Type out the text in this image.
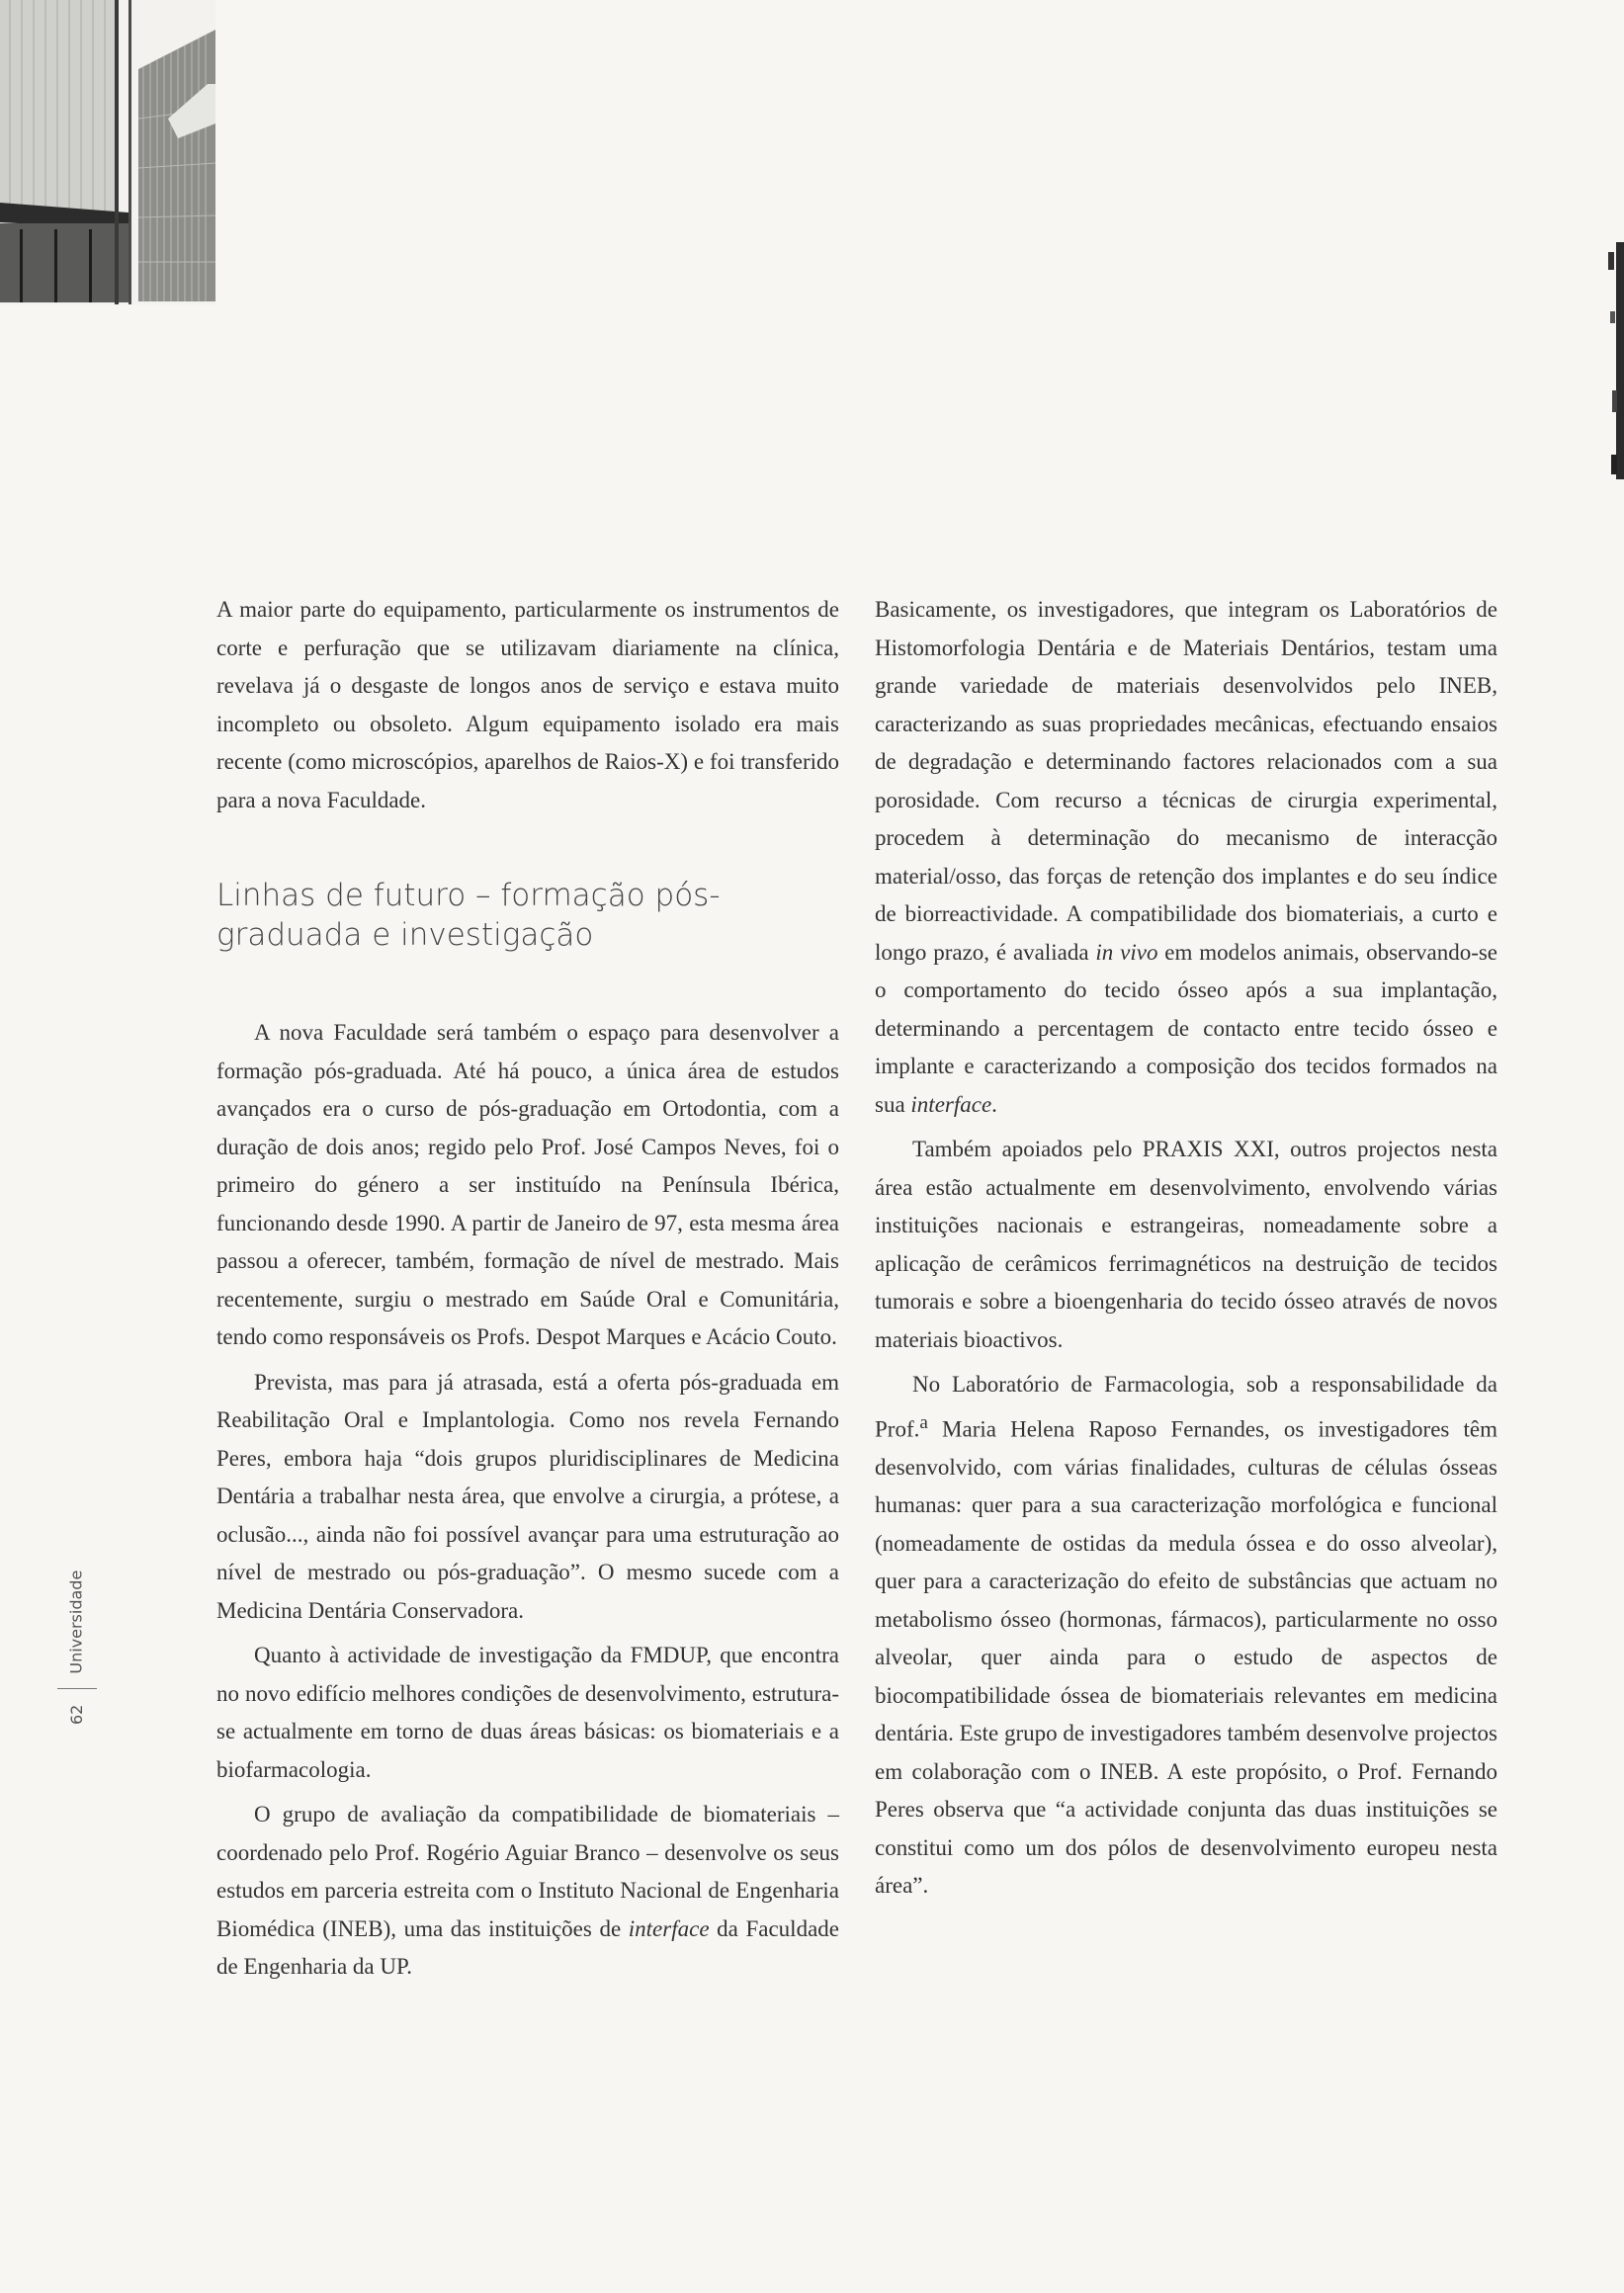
62Universidade

A maior parte do equipamento, particularmente os instrumentos de corte e perfuração que se utilizavam diariamente na clínica, revelava já o desgaste de longos anos de serviço e estava muito incompleto ou obsoleto. Algum equipamento isolado era mais recente (como microscópios, aparelhos de Raios-X) e foi transferido para a nova Faculdade.

Linhas de futuro – formação pós-graduada e investigação

A nova Faculdade será também o espaço para desenvolver a formação pós-graduada. Até há pouco, a única área de estudos avançados era o curso de pós-graduação em Ortodontia, com a duração de dois anos; regido pelo Prof. José Campos Neves, foi o primeiro do género a ser instituído na Península Ibérica, funcionando desde 1990. A partir de Janeiro de 97, esta mesma área passou a oferecer, também, formação de nível de mestrado. Mais recentemente, surgiu o mestrado em Saúde Oral e Comunitária, tendo como responsáveis os Profs. Despot Marques e Acácio Couto.

Prevista, mas para já atrasada, está a oferta pós-graduada em Reabilitação Oral e Implantologia. Como nos revela Fernando Peres, embora haja “dois grupos pluridisciplinares de Medicina Dentária a trabalhar nesta área, que envolve a cirurgia, a prótese, a oclusão..., ainda não foi possível avançar para uma estruturação ao nível de mestrado ou pós-graduação”. O mesmo sucede com a Medicina Dentária Conservadora.

Quanto à actividade de investigação da FMDUP, que encontra no novo edifício melhores condições de desenvolvimento, estrutura-se actualmente em torno de duas áreas básicas: os biomateriais e a biofarmacologia.

O grupo de avaliação da compatibilidade de biomateriais – coordenado pelo Prof. Rogério Aguiar Branco – desenvolve os seus estudos em parceria estreita com o Instituto Nacional de Engenharia Biomédica (INEB), uma das instituições de interface da Faculdade de Engenharia da UP.

Basicamente, os investigadores, que integram os Laboratórios de Histomorfologia Dentária e de Materiais Dentários, testam uma grande variedade de materiais desenvolvidos pelo INEB, caracterizando as suas propriedades mecânicas, efectuando ensaios de degradação e determinando factores relacionados com a sua porosidade. Com recurso a técnicas de cirurgia experimental, procedem à determinação do mecanismo de interacção material/osso, das forças de retenção dos implantes e do seu índice de biorreactividade. A compatibilidade dos biomateriais, a curto e longo prazo, é avaliada in vivo em modelos animais, observando-se o comportamento do tecido ósseo após a sua implantação, determinando a percentagem de contacto entre tecido ósseo e implante e caracterizando a composição dos tecidos formados na sua interface.

Também apoiados pelo PRAXIS XXI, outros projectos nesta área estão actualmente em desenvolvimento, envolvendo várias instituições nacionais e estrangeiras, nomeadamente sobre a aplicação de cerâmicos ferrimagnéticos na destruição de tecidos tumorais e sobre a bioengenharia do tecido ósseo através de novos materiais bioactivos.

No Laboratório de Farmacologia, sob a responsabilidade da Prof.$^a$ Maria Helena Raposo Fernandes, os investigadores têm desenvolvido, com várias finalidades, culturas de células ósseas humanas: quer para a sua caracterização morfológica e funcional (nomeadamente de ostidas da medula óssea e do osso alveolar), quer para a caracterização do efeito de substâncias que actuam no metabolismo ósseo (hormonas, fármacos), particularmente no osso alveolar, quer ainda para o estudo de aspectos de biocompatibilidade óssea de biomateriais relevantes em medicina dentária. Este grupo de investigadores também desenvolve projectos em colaboração com o INEB. A este propósito, o Prof. Fernando Peres observa que “a actividade conjunta das duas instituições se constitui como um dos pólos de desenvolvimento europeu nesta área”.
